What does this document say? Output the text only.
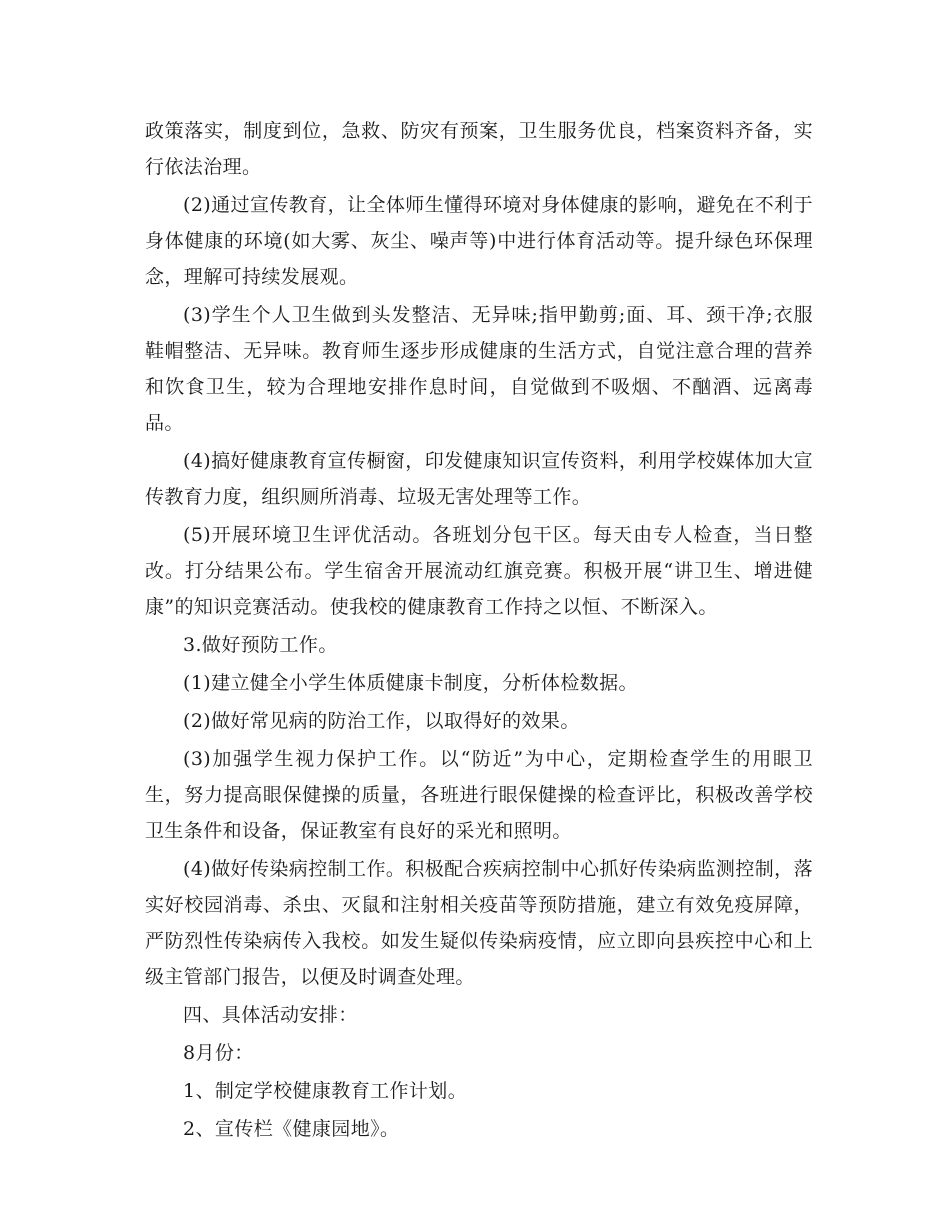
政策落实，制度到位，急救、防灾有预案，卫生服务优良，档案资料齐备，实行依法治理。

(2)通过宣传教育，让全体师生懂得环境对身体健康的影响，避免在不利于身体健康的环境(如大雾、灰尘、噪声等)中进行体育活动等。提升绿色环保理念，理解可持续发展观。

(3)学生个人卫生做到头发整洁、无异味;指甲勤剪;面、耳、颈干净;衣服鞋帽整洁、无异味。教育师生逐步形成健康的生活方式，自觉注意合理的营养和饮食卫生，较为合理地安排作息时间，自觉做到不吸烟、不酗酒、远离毒品。

(4)搞好健康教育宣传橱窗，印发健康知识宣传资料，利用学校媒体加大宣传教育力度，组织厕所消毒、垃圾无害处理等工作。

(5)开展环境卫生评优活动。各班划分包干区。每天由专人检查，当日整改。打分结果公布。学生宿舍开展流动红旗竞赛。积极开展“讲卫生、增进健康”的知识竞赛活动。使我校的健康教育工作持之以恒、不断深入。

3.做好预防工作。

(1)建立健全小学生体质健康卡制度，分析体检数据。

(2)做好常见病的防治工作，以取得好的效果。

(3)加强学生视力保护工作。以“防近”为中心，定期检查学生的用眼卫生，努力提高眼保健操的质量，各班进行眼保健操的检查评比，积极改善学校卫生条件和设备，保证教室有良好的采光和照明。

(4)做好传染病控制工作。积极配合疾病控制中心抓好传染病监测控制，落实好校园消毒、杀虫、灭鼠和注射相关疫苗等预防措施，建立有效免疫屏障，严防烈性传染病传入我校。如发生疑似传染病疫情，应立即向县疾控中心和上级主管部门报告，以便及时调查处理。

四、具体活动安排：

8月份：

1、制定学校健康教育工作计划。

2、宣传栏《健康园地》。
